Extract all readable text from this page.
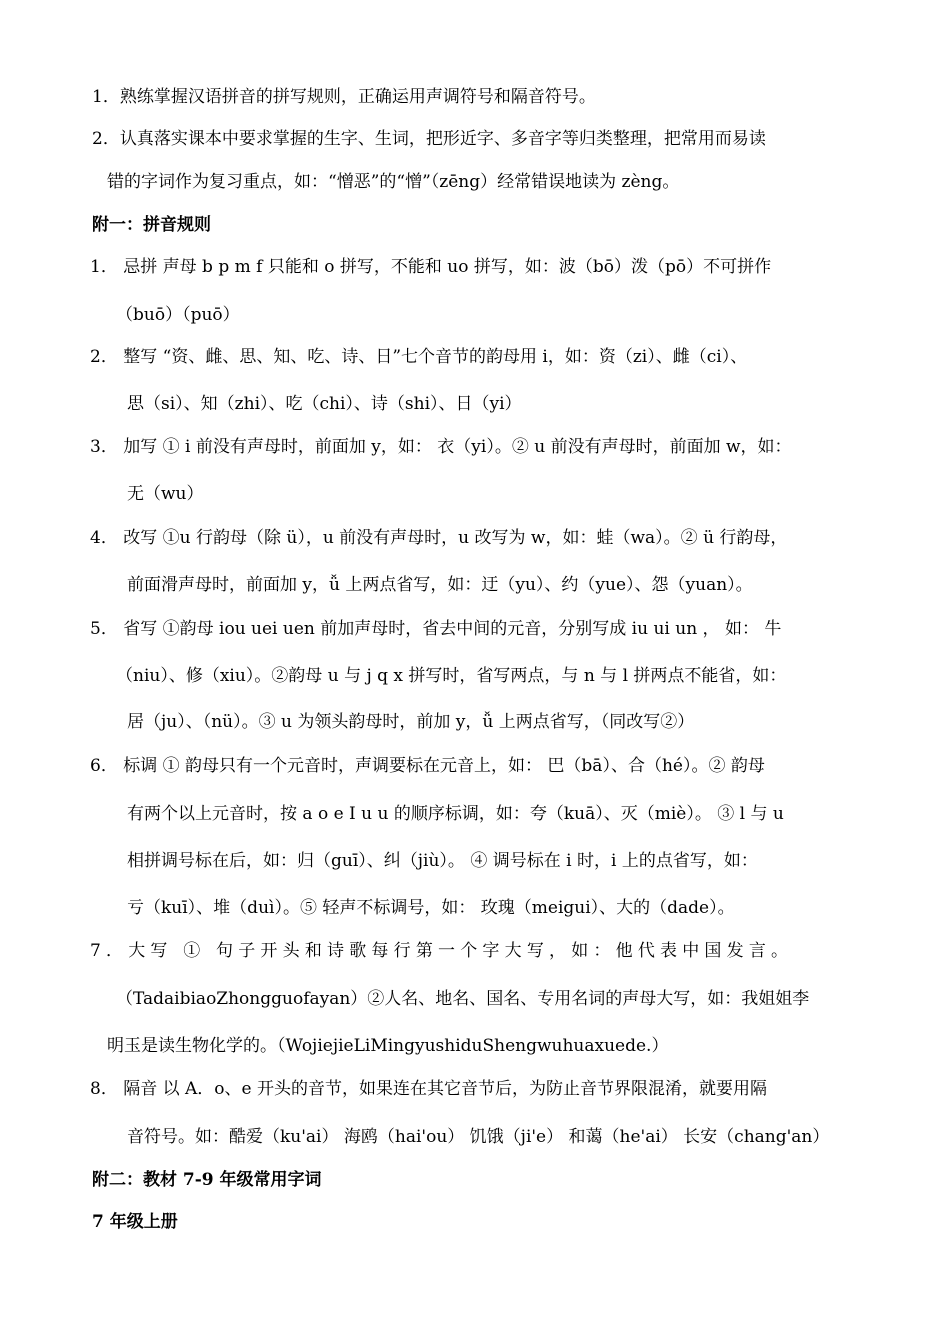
1．熟练掌握汉语拼音的拼写规则，正确运用声调符号和隔音符号。
2．认真落实课本中要求掌握的生字、生词，把形近字、多音字等归类整理，把常用而易读
错的字词作为复习重点，如：“憎恶”的“憎”（zēng）经常错误地读为 zèng。
附一：拼音规则
1． 忌拼 声母 b p m f 只能和 o 拼写，不能和 uo 拼写，如：波（bō）泼（pō）不可拼作
（buō）（puō）
2． 整写 “资、雌、思、知、吃、诗、日”七个音节的韵母用 i，如：资（zi）、雌（ci）、
思（si）、知（zhi）、吃（chi）、诗（shi）、日（yi）
3． 加写 ① i 前没有声母时，前面加 y，如： 衣（yi）。② u 前没有声母时，前面加 w，如：
无（wu）
4． 改写 ①u 行韵母（除 ü），u 前没有声母时，u 改写为 w，如：蛙（wa）。② ü 行韵母，
前面滑声母时，前面加 y，ǚ 上两点省写，如：迂（yu）、约（yue）、怨（yuan）。
5． 省写 ①韵母 iou uei uen 前加声母时，省去中间的元音，分别写成 iu ui un ， 如： 牛
（niu）、修（xiu）。②韵母 u 与 j q x 拼写时，省写两点，与 n 与 l 拼两点不能省，如：
居（ju）、（nü）。③ u 为领头韵母时，前加 y，ǚ 上两点省写，（同改写②）
6． 标调 ① 韵母只有一个元音时，声调要标在元音上，如： 巴（bā）、合（hé）。② 韵母
有两个以上元音时，按 a o e I u u 的顺序标调，如：夸（kuā）、灭（miè）。 ③ l 与 u
相拼调号标在后，如：归（guī）、纠（jiù）。 ④ 调号标在 i 时，i 上的点省写，如：
亏（kuī）、堆（duì）。⑤ 轻声不标调号，如： 玫瑰（meigui）、大的（dade）。
7．大写 ① 句子开头和诗歌每行第一个字大写，如：他代表中国发言。
（TadaibiaoZhongguofayan）②人名、地名、国名、专用名词的声母大写，如：我姐姐李
明玉是读生物化学的。（WojiejieLiMingyushiduShengwuhuaxuede.）
8． 隔音 以 A．o、e 开头的音节，如果连在其它音节后，为防止音节界限混淆，就要用隔
音符号。如：酷爱（ku'ai） 海鸥（hai'ou） 饥饿（ji'e） 和蔼（he'ai） 长安（chang'an）
附二：教材 7-9 年级常用字词
7 年级上册
